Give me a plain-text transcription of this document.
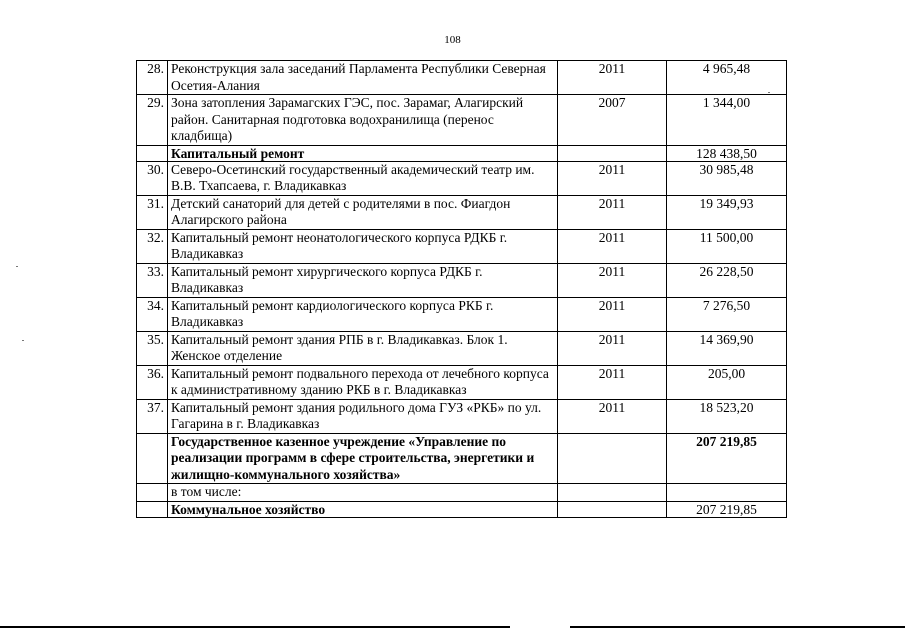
108
28.	Реконструкция зала заседаний Парламента Республики Северная Осетия-Алания	2011	4 965,48
29.	Зона затопления Зарамагских ГЭС, пос. Зарамаг, Алагирский район. Санитарная подготовка водохранилища (перенос кладбища)	2007	1 344,00
	Капитальный ремонт		128 438,50
30.	Северо-Осетинский государственный академический театр им. В.В. Тхапсаева, г. Владикавказ	2011	30 985,48
31.	Детский санаторий для детей с родителями в пос. Фиагдон Алагирского района	2011	19 349,93
32.	Капитальный ремонт неонатологического корпуса РДКБ г. Владикавказ	2011	11 500,00
33.	Капитальный ремонт хирургического корпуса РДКБ г. Владикавказ	2011	26 228,50
34.	Капитальный ремонт кардиологического корпуса РКБ г. Владикавказ	2011	7 276,50
35.	Капитальный ремонт здания РПБ в г. Владикавказ. Блок 1. Женское отделение	2011	14 369,90
36.	Капитальный ремонт подвального перехода от лечебного корпуса к административному зданию РКБ в г. Владикавказ	2011	205,00
37.	Капитальный ремонт здания родильного дома ГУЗ «РКБ» по ул. Гагарина в г. Владикавказ	2011	18 523,20
	Государственное казенное учреждение «Управление по реализации программ в сфере строительства, энергетики и жилищно-коммунального хозяйства»		207 219,85
	в том числе:		
	Коммунальное хозяйство		207 219,85
